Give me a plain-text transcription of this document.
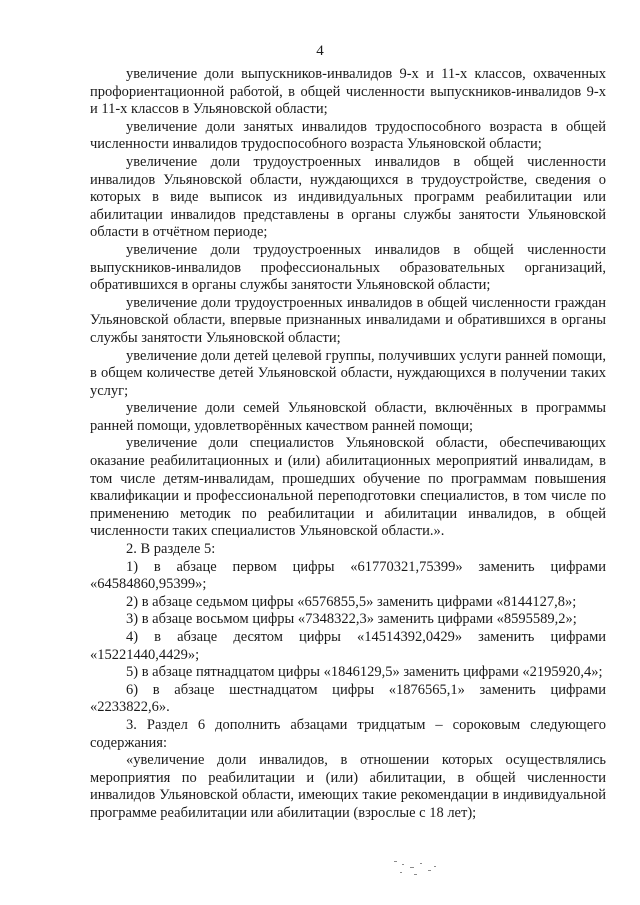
4

увеличение доли выпускников-инвалидов 9-х и 11-х классов, охваченных профориентационной работой, в общей численности выпускников-инвалидов 9-х и 11-х классов в Ульяновской области;

увеличение доли занятых инвалидов трудоспособного возраста в общей численности инвалидов трудоспособного возраста Ульяновской области;

увеличение доли трудоустроенных инвалидов в общей численности инвалидов Ульяновской области, нуждающихся в трудоустройстве, сведения о которых в виде выписок из индивидуальных программ реабилитации или абилитации инвалидов представлены в органы службы занятости Ульяновской области в отчётном периоде;

увеличение доли трудоустроенных инвалидов в общей численности выпускников-инвалидов профессиональных образовательных организаций, обратившихся в органы службы занятости Ульяновской области;

увеличение доли трудоустроенных инвалидов в общей численности граждан Ульяновской области, впервые признанных инвалидами и обратившихся в органы службы занятости Ульяновской области;

увеличение доли детей целевой группы, получивших услуги ранней помощи, в общем количестве детей Ульяновской области, нуждающихся в получении таких услуг;

увеличение доли семей Ульяновской области, включённых в программы ранней помощи, удовлетворённых качеством ранней помощи;

увеличение доли специалистов Ульяновской области, обеспечивающих оказание реабилитационных и (или) абилитационных мероприятий инвалидам, в том числе детям-инвалидам, прошедших обучение по программам повышения квалификации и профессиональной переподготовки специалистов, в том числе по применению методик по реабилитации и абилитации инвалидов, в общей численности таких специалистов Ульяновской области.».

2. В разделе 5:

1) в абзаце первом цифры «61770321,75399» заменить цифрами «64584860,95399»;

2) в абзаце седьмом цифры «6576855,5» заменить цифрами «8144127,8»;

3) в абзаце восьмом цифры «7348322,3» заменить цифрами «8595589,2»;

4) в абзаце десятом цифры «14514392,0429» заменить цифрами «15221440,4429»;

5) в абзаце пятнадцатом цифры «1846129,5» заменить цифрами «2195920,4»;

6) в абзаце шестнадцатом цифры «1876565,1» заменить цифрами «2233822,6».

3. Раздел 6 дополнить абзацами тридцатым – сороковым следующего содержания:

«увеличение доли инвалидов, в отношении которых осуществлялись мероприятия по реабилитации и (или) абилитации, в общей численности инвалидов Ульяновской области, имеющих такие рекомендации в индивидуальной программе реабилитации или абилитации (взрослые с 18 лет);
